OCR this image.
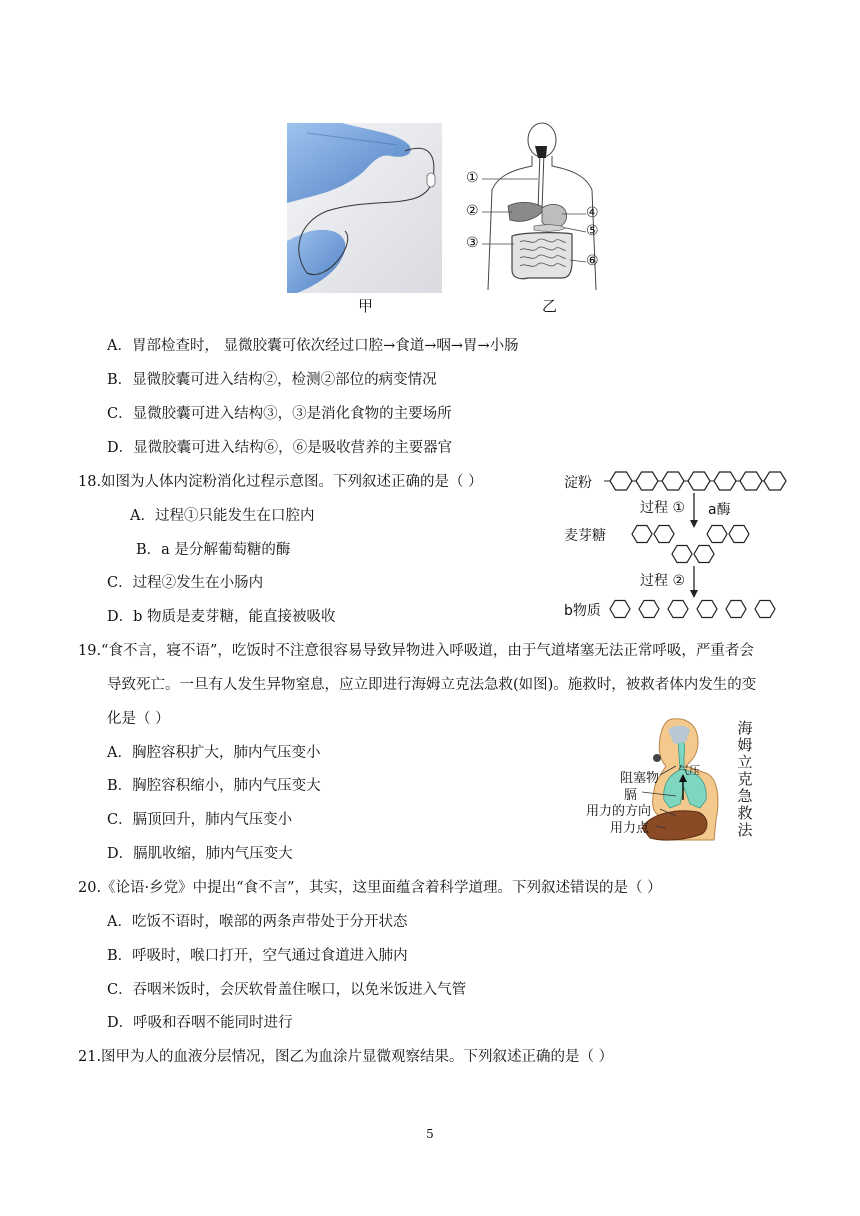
甲
①
②
③
④
⑤
⑥
乙
A．胃部检查时， 显微胶囊可依次经过口腔→食道→咽→胃→小肠
B．显微胶囊可进入结构②，检测②部位的病变情况
C．显微胶囊可进入结构③，③是消化食物的主要场所
D．显微胶囊可进入结构⑥，⑥是吸收营养的主要器官
18.如图为人体内淀粉消化过程示意图。下列叙述正确的是（ ）
A．过程①只能发生在口腔内
B．a 是分解葡萄糖的酶
C．过程②发生在小肠内
D．b 物质是麦芽糖，能直接被吸收
淀粉
a酶
过程 ①
麦芽糖
过程 ②
b物质
19.“食不言，寝不语”，吃饭时不注意很容易导致异物进入呼吸道，由于气道堵塞无法正常呼吸，严重者会
导致死亡。一旦有人发生异物窒息，应立即进行海姆立克法急救(如图)。施救时，被救者体内发生的变
化是（ ）
A．胸腔容积扩大，肺内气压变小
B．胸腔容积缩小，肺内气压变大
C．膈顶回升，肺内气压变小
D．膈肌收缩，肺内气压变大
气压
阻塞物
膈
用力的方向
用力点
海
姆
立
克
急
救
法
20.《论语·乡党》中提出“食不言”，其实，这里面蕴含着科学道理。下列叙述错误的是（ ）
A．吃饭不语时，喉部的两条声带处于分开状态
B．呼吸时，喉口打开，空气通过食道进入肺内
C．吞咽米饭时，会厌软骨盖住喉口，以免米饭进入气管
D．呼吸和吞咽不能同时进行
21.图甲为人的血液分层情况，图乙为血涂片显微观察结果。下列叙述正确的是（ ）
5
